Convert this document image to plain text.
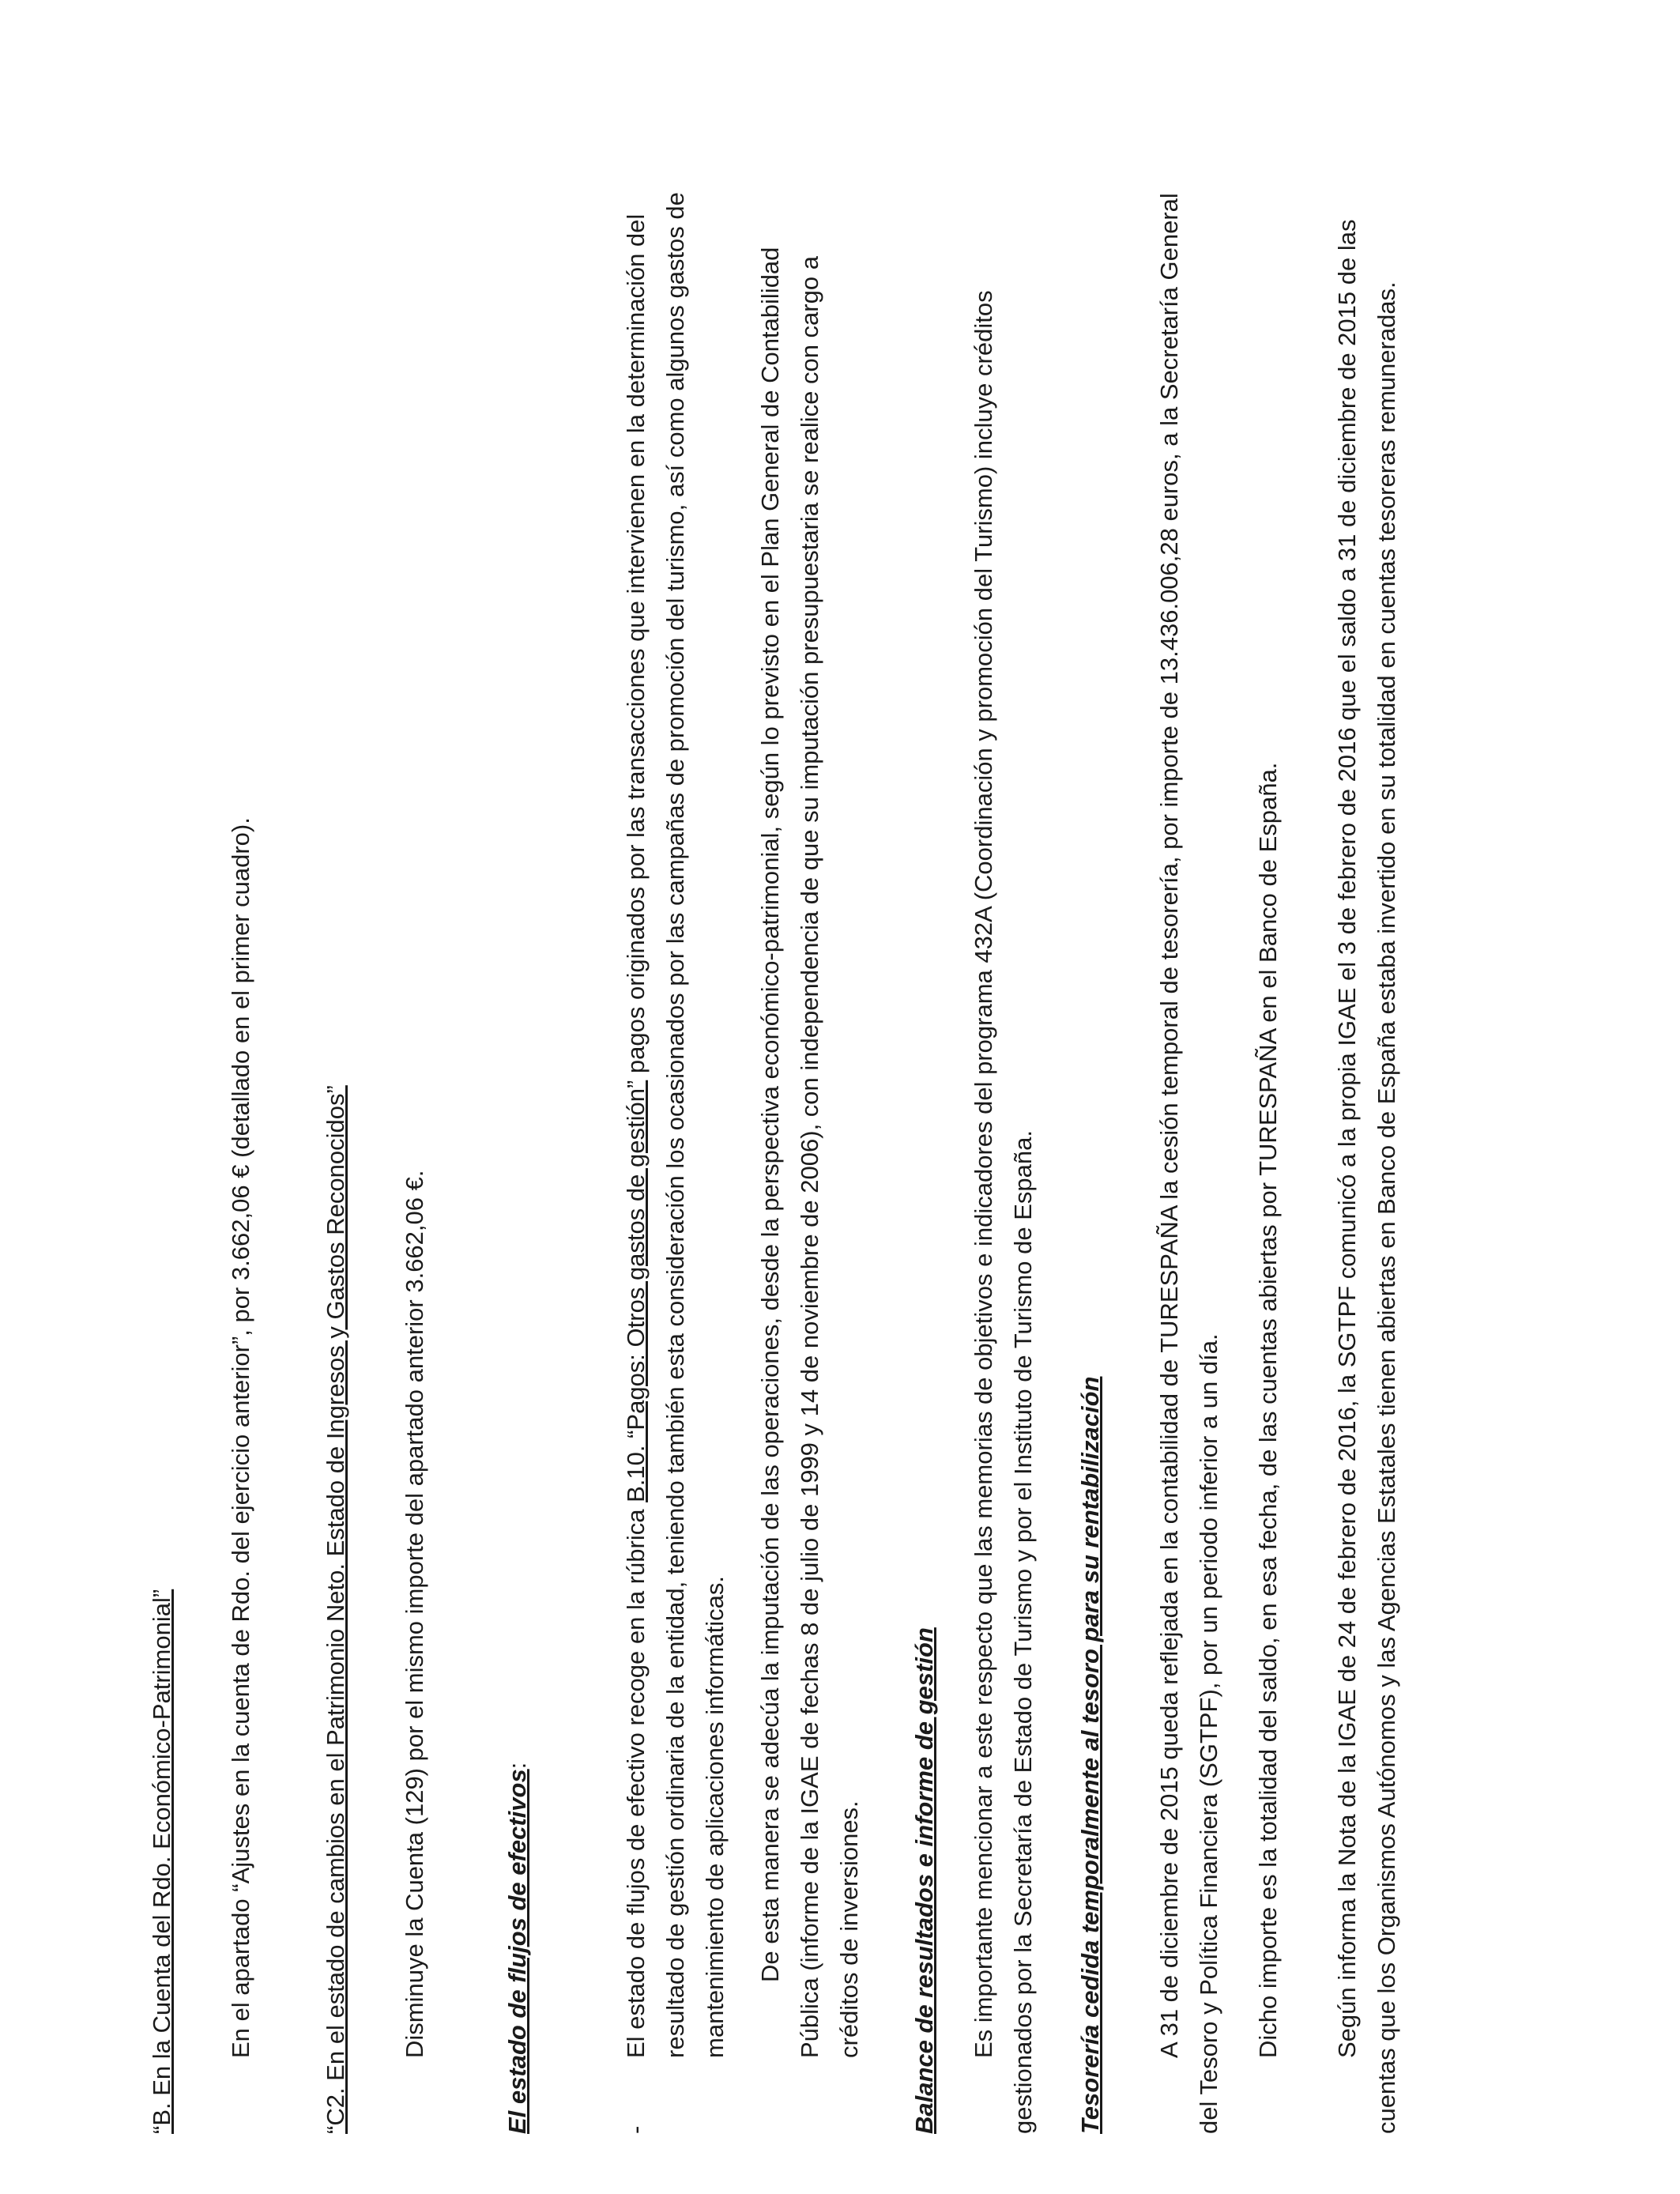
“B. En la Cuenta del Rdo. Económico-Patrimonial” En el apartado “Ajustes en la cuenta de Rdo. del ejercicio anterior”, por 3.662,06 € (detallado en el primer cuadro).	“C2. En el estado de cambios en el Patrimonio Neto. Estado de Ingresos y Gastos Reconocidos” Disminuye la Cuenta (129) por el mismo importe del apartado anterior 3.662,06 €.	El estado de flujos de efectivos:

-

El estado de flujos de efectivo recoge en la rúbrica B.10. “Pagos: Otros gastos de gestión” pagos originados por las transacciones que intervienen en la determinación del resultado de gestión ordinaria de la entidad, teniendo también esta consideración los ocasionados por las campañas de promoción del turismo, así como algunos gastos de mantenimiento de aplicaciones informáticas. De esta manera se adecúa la imputación de las operaciones, desde la perspectiva económico-patrimonial, según lo previsto en el Plan General de Contabilidad Pública (informe de la IGAE de fechas 8 de julio de 1999 y 14 de noviembre de 2006), con independencia de que su imputación presupuestaria se realice con cargo a créditos de inversiones. Balance de resultados e informe de gestión Es importante mencionar a este respecto que las memorias de objetivos e indicadores del programa 432A (Coordinación y promoción del Turismo) incluye créditos gestionados por la Secretaría de Estado de Turismo y por el Instituto de Turismo de España. Tesorería cedida temporalmente al tesoro para su rentabilización A 31 de diciembre de 2015 queda reflejada en la contabilidad de TURESPAÑA la cesión temporal de tesorería, por importe de 13.436.006,28 euros, a la Secretaría General del Tesoro y Política Financiera (SGTPF), por un periodo inferior a un día. Dicho importe es la totalidad del saldo, en esa fecha, de las cuentas abiertas por TURESPAÑA en el Banco de España. Según informa la Nota de la IGAE de 24 de febrero de 2016, la SGTPF comunicó a la propia IGAE el 3 de febrero de 2016 que el saldo a 31 de diciembre de 2015 de las cuentas que los Organismos Autónomos y las Agencias Estatales tienen abiertas en Banco de España estaba invertido en su totalidad en cuentas tesoreras remuneradas.
